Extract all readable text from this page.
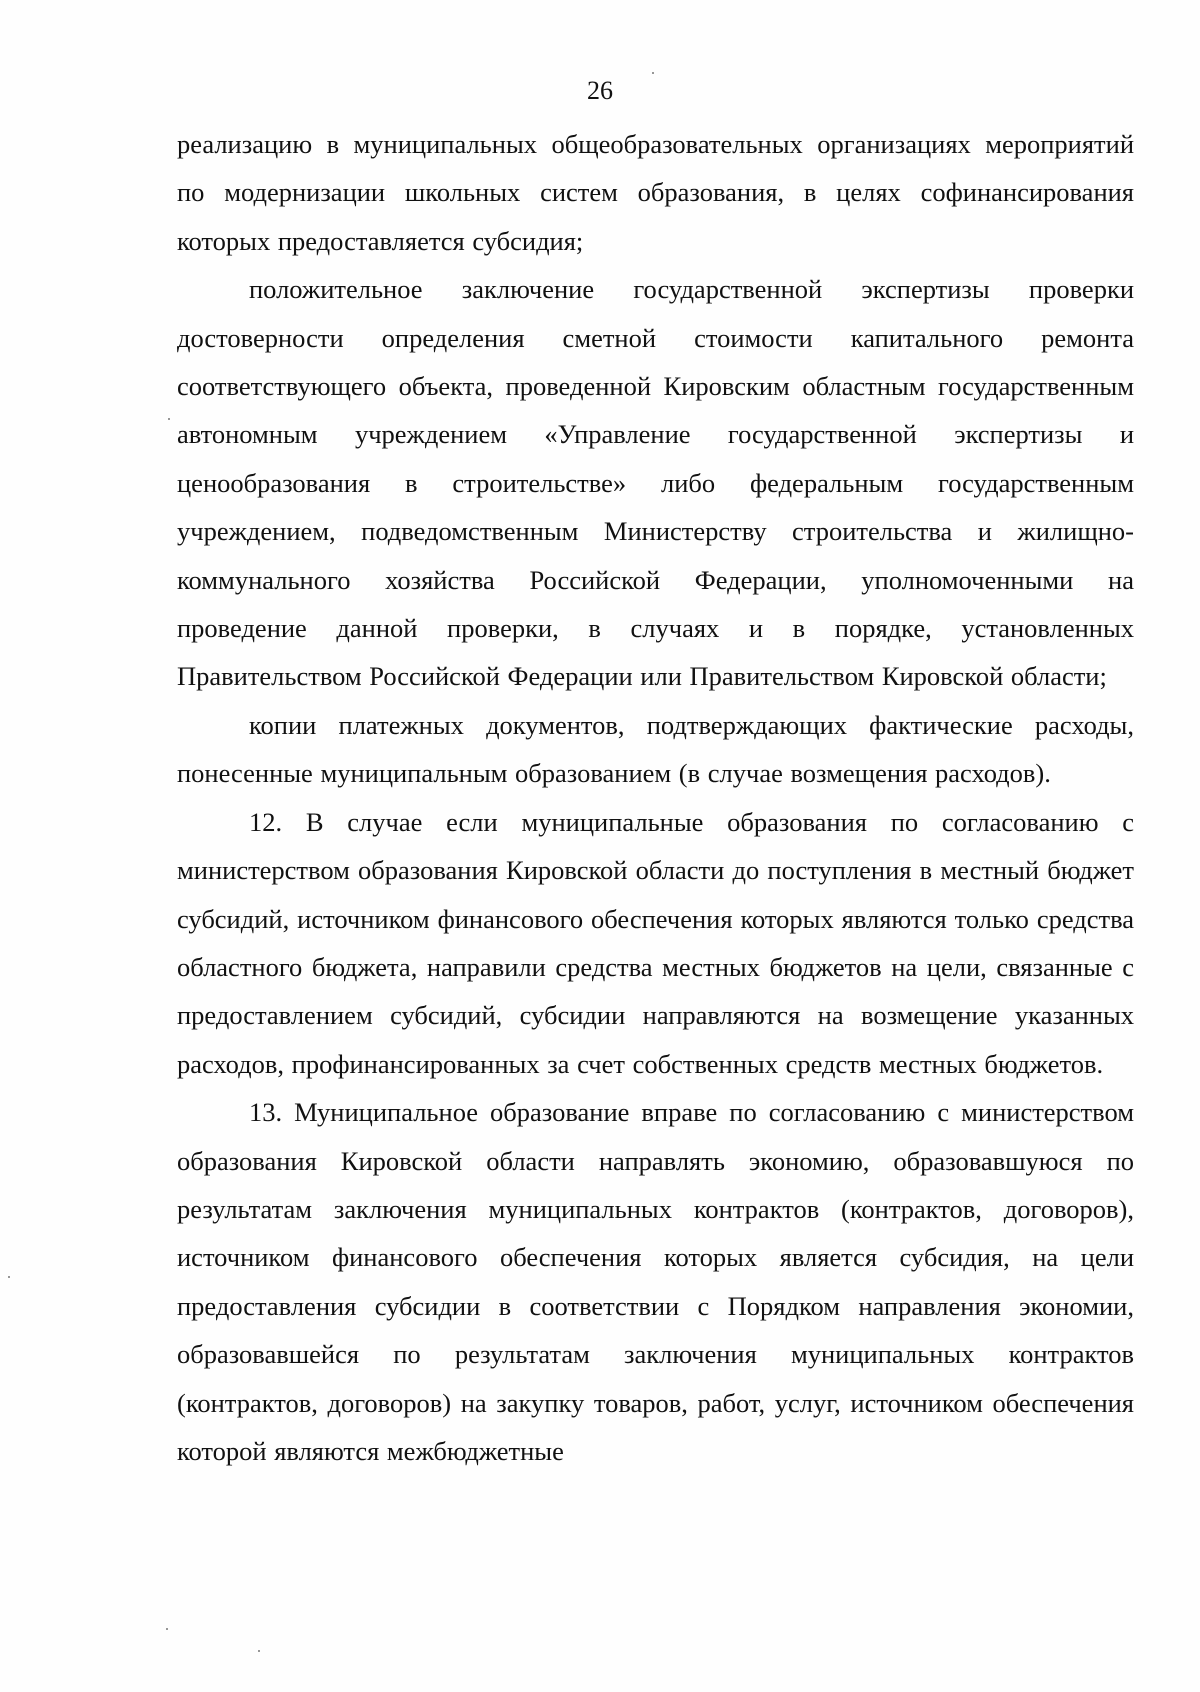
26

реализацию в муниципальных общеобразовательных организациях мероприятий по модернизации школьных систем образования, в целях софинансирования которых предоставляется субсидия;

положительное заключение государственной экспертизы проверки достоверности определения сметной стоимости капитального ремонта соответствующего объекта, проведенной Кировским областным государственным автономным учреждением «Управление государственной экспертизы и ценообразования в строительстве» либо федеральным государственным учреждением, подведомственным Министерству строительства и жилищно-коммунального хозяйства Российской Федерации, уполномоченными на проведение данной проверки, в случаях и в порядке, установленных Правительством Российской Федерации или Правительством Кировской области;

копии платежных документов, подтверждающих фактические расходы, понесенные муниципальным образованием (в случае возмещения расходов).

12. В случае если муниципальные образования по согласованию с министерством образования Кировской области до поступления в местный бюджет субсидий, источником финансового обеспечения которых являются только средства областного бюджета, направили средства местных бюджетов на цели, связанные с предоставлением субсидий, субсидии направляются на возмещение указанных расходов, профинансированных за счет собственных средств местных бюджетов.

13. Муниципальное образование вправе по согласованию с министерством образования Кировской области направлять экономию, образовавшуюся по результатам заключения муниципальных контрактов (контрактов, договоров), источником финансового обеспечения которых является субсидия, на цели предоставления субсидии в соответствии с Порядком направления экономии, образовавшейся по результатам заключения муниципальных контрактов (контрактов, договоров) на закупку товаров, работ, услуг, источником обеспечения которой являются межбюджетные
